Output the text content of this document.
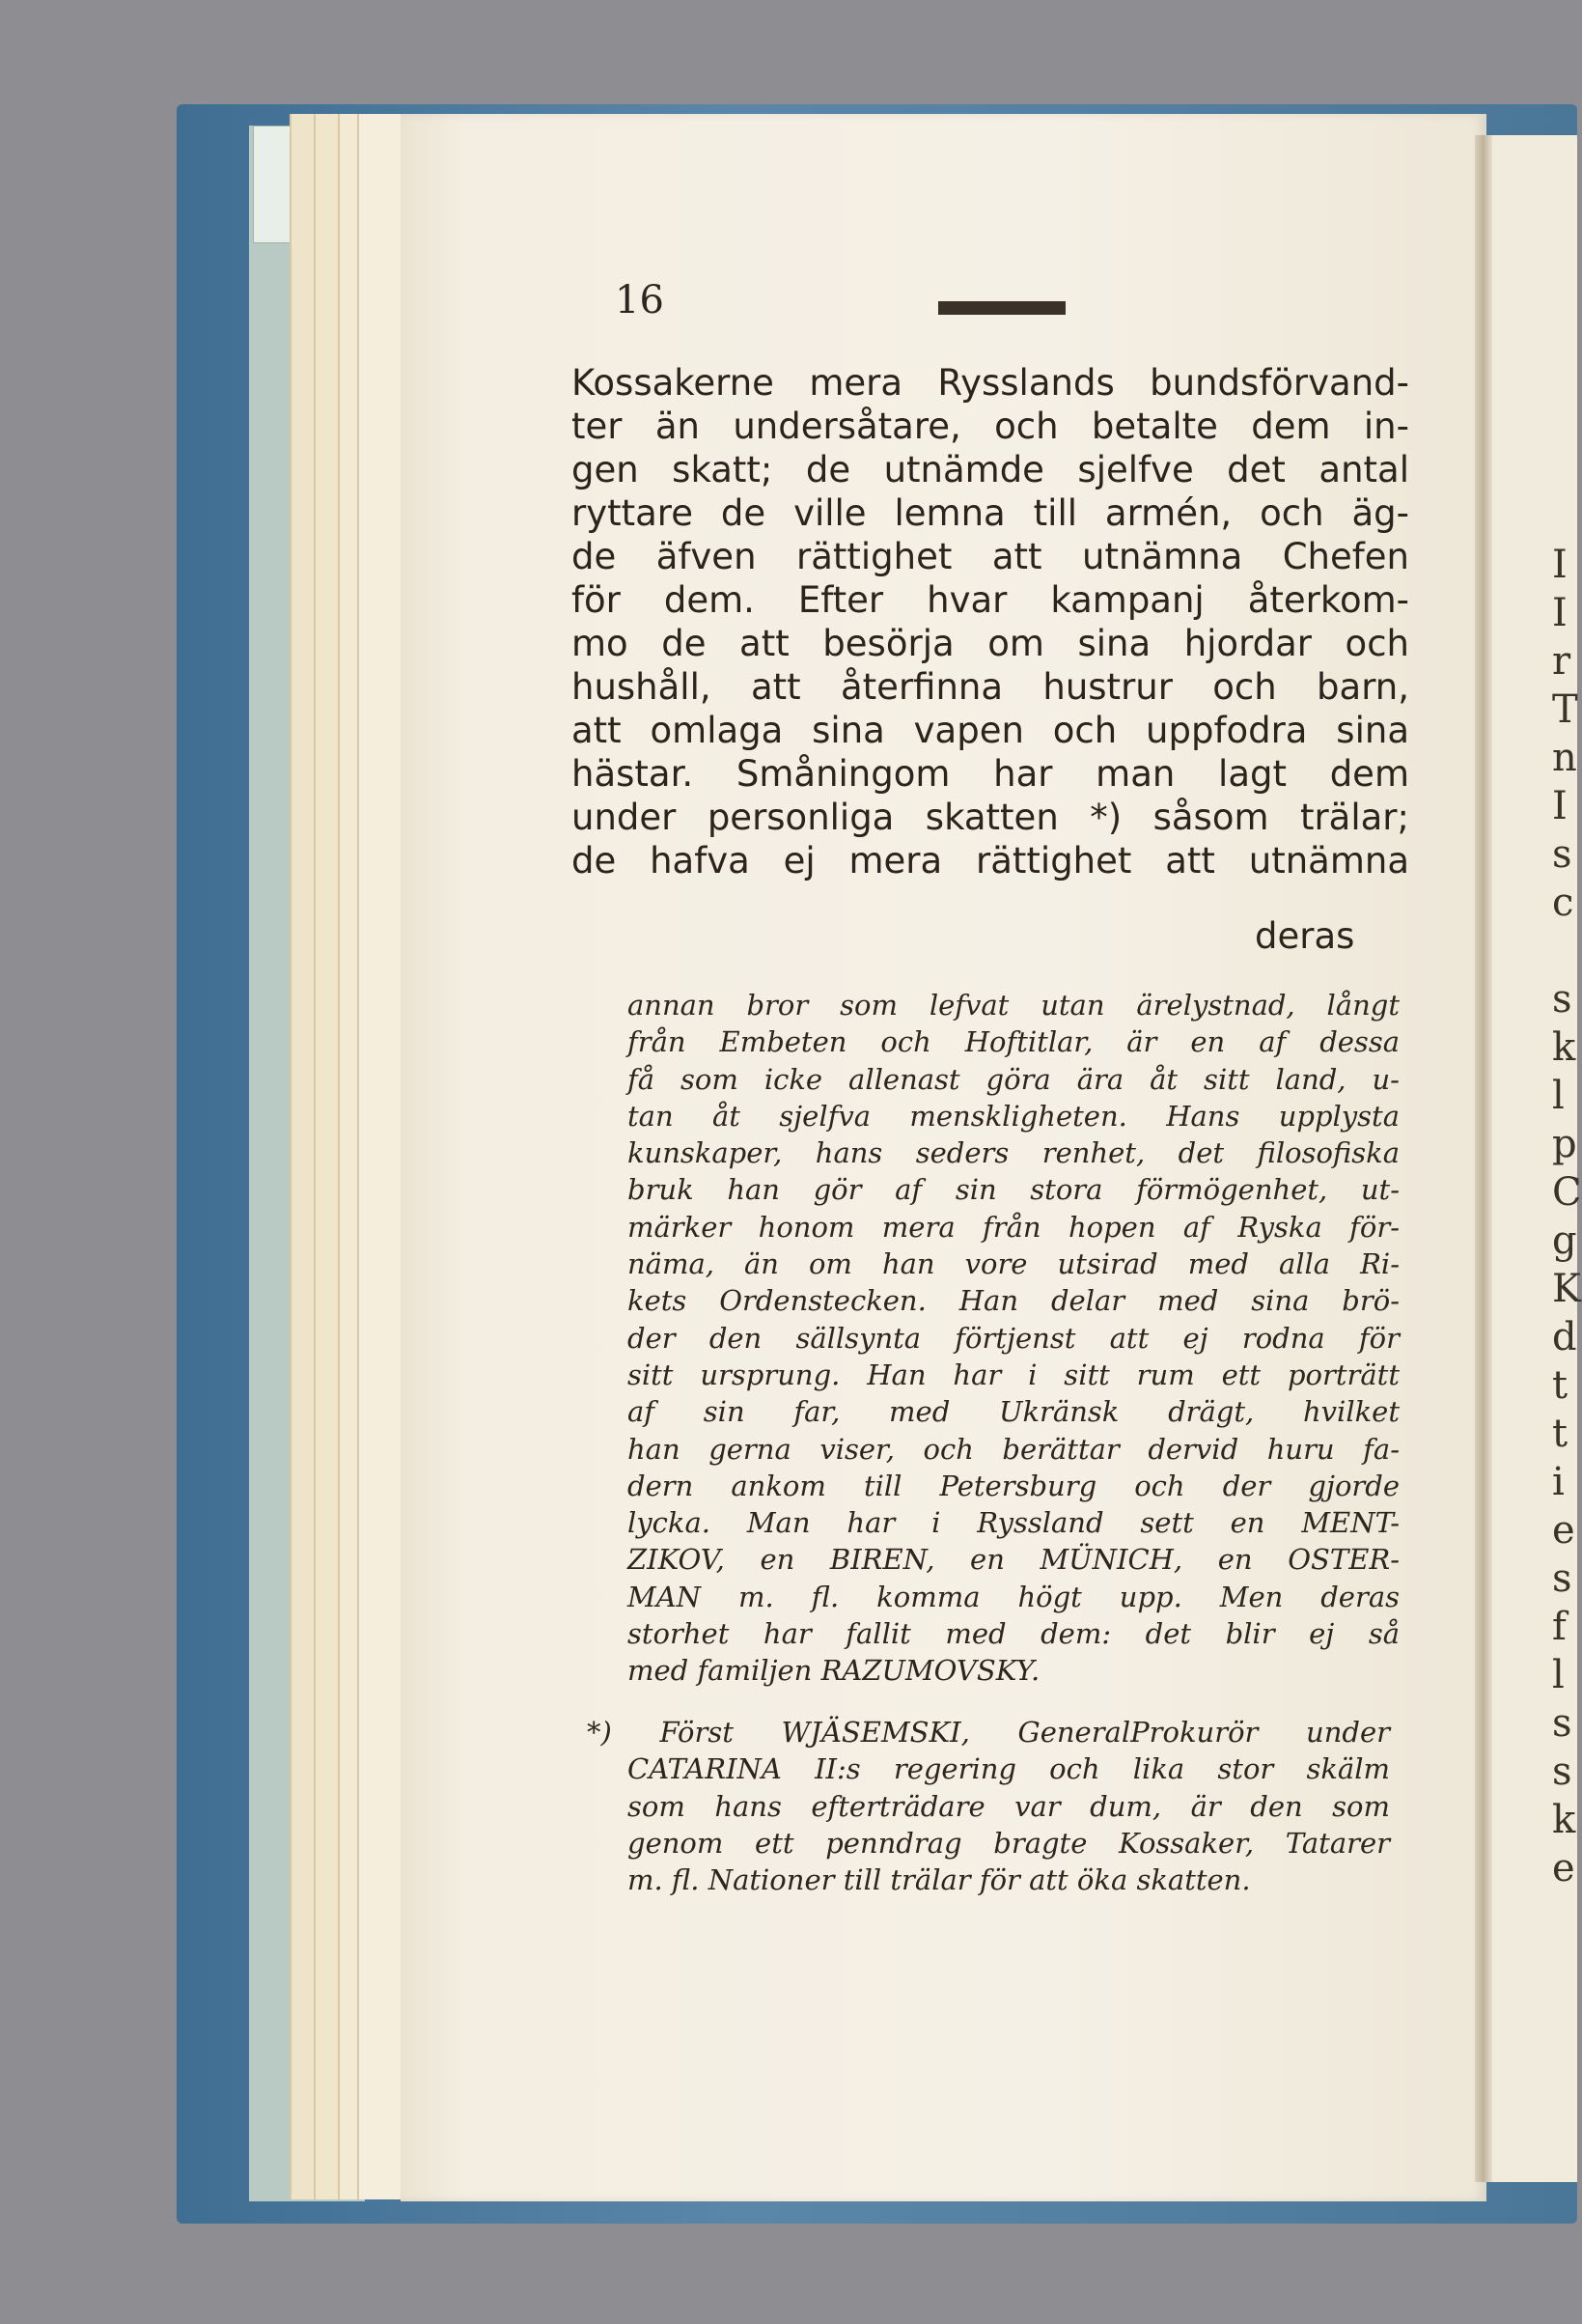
I
I
r
T
n
I
s
c
s
k
l
p
C
g
K
d
t
t
i
e
s
f
l
s
s
k
e
16
Kossakerne mera Rysslands bundsförvand-
ter än undersåtare, och betalte dem in-
gen skatt; de utnämde sjelfve det antal
ryttare de ville lemna till armén, och äg-
de äfven rättighet att utnämna Chefen
för dem. Efter hvar kampanj återkom-
mo de att besörja om sina hjordar och
hushåll, att återfinna hustrur och barn,
att omlaga sina vapen och uppfodra sina
hästar. Småningom har man lagt dem
under personliga skatten *) såsom trälar;
de hafva ej mera rättighet att utnämna
deras
annan bror som lefvat utan ärelystnad, långt
från Embeten och Hoftitlar, är en af dessa
få som icke allenast göra ära åt sitt land, u-
tan åt sjelfva menskligheten. Hans upplysta
kunskaper, hans seders renhet, det filosofiska
bruk han gör af sin stora förmögenhet, ut-
märker honom mera från hopen af Ryska för-
nämа, än om han vore utsirad med alla Ri-
kets Ordenstecken. Han delar med sina brö-
der den sällsynta förtjenst att ej rodna för
sitt ursprung. Han har i sitt rum ett porträtt
af sin far, med Ukränsk drägt, hvilket
han gerna viser, och berättar dervid huru fa-
dern ankom till Petersburg och der gjorde
lycka. Man har i Ryssland sett en MENT-
ZIKOV, en BIREN, en MÜNICH, en OSTER-
MAN m. fl. komma högt upp. Men deras
storhet har fallit med dem: det blir ej så
med familjen RAZUMOVSKY.
*) Först WJÄSEMSKI, GeneralProkurör under
CATARINA II:s regering och lika stor skälm
som hans efterträdare var dum, är den som
genom ett penndrag bragte Kossaker, Tatarer
m. fl. Nationer till trälar för att öka skatten.
